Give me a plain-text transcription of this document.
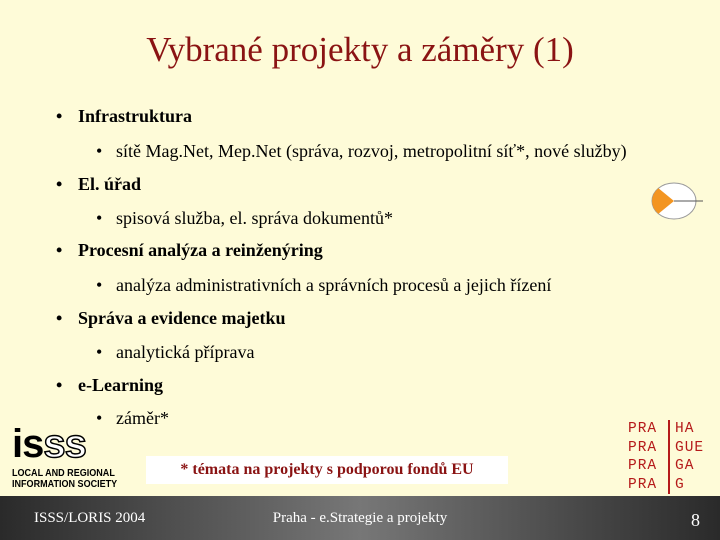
Vybrané projekty a záměry (1)
• Infrastruktura
• sítě Mag.Net, Mep.Net (správa, rozvoj, metropolitní síť*, nové služby)
• El. úřad
• spisová služba, el. správa dokumentů*
• Procesní analýza a reinženýring
• analýza administrativních a správních procesů a jejich řízení
• Správa a evidence majetku
• analytická příprava
• e-Learning
• záměr*
isss
LOCAL AND REGIONAL
INFORMATION SOCIETY
* témata na projekty s podporou fondů EU
PRA	HA
PRA	GUE
PRA	GA
PRA	G
ISSS/LORIS 2004	Praha - e.Strategie a projekty	8
